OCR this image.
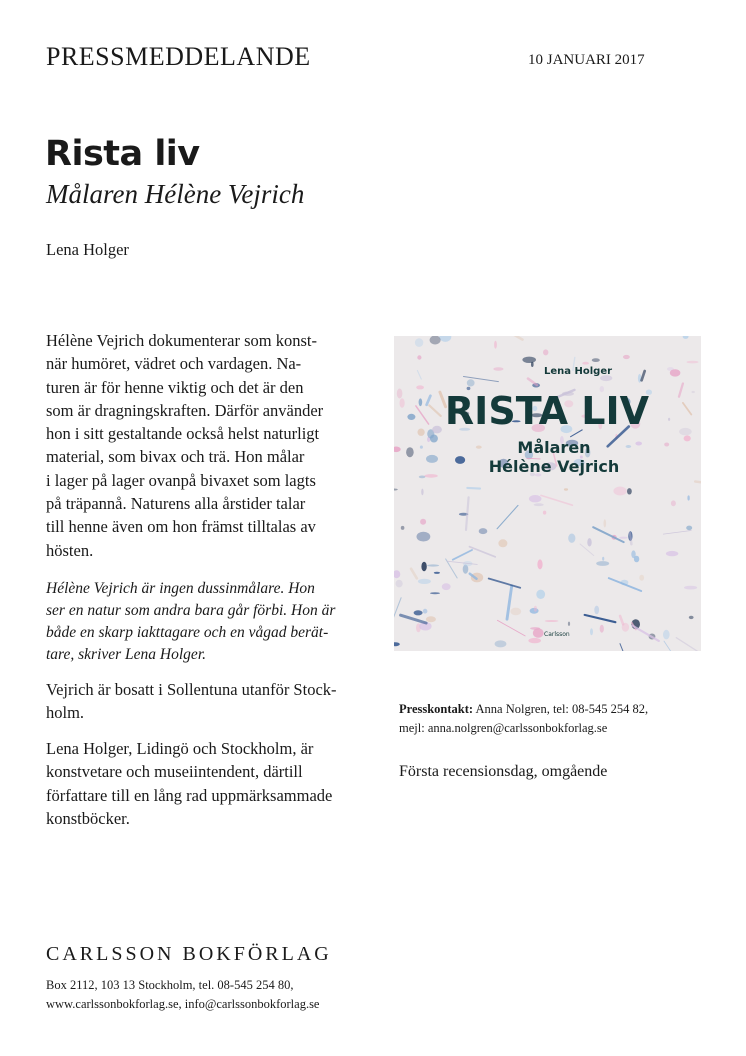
PRESSMEDDELANDE	10 JANUARI 2017
Rista liv
Målaren Hélène Vejrich
Lena Holger

Hélène Vejrich dokumenterar som konst-

när humöret, vädret och vardagen. Na-

turen är för henne viktig och det är den

som är dragningskraften. Därför använder

hon i sitt gestaltande också helst naturligt

material, som bivax och trä. Hon målar

i lager på lager ovanpå bivaxet som lagts

på träpannå. Naturens alla årstider talar

till henne även om hon främst tilltalas av

hösten.

Hélène Vejrich är ingen dussinmålare. Hon

ser en natur som andra bara går förbi. Hon är

både en skarp iakttagare och en vågad berät-

tare, skriver Lena Holger.

Vejrich är bosatt i Sollentuna utanför Stock-

holm.

Lena Holger, Lidingö och Stockholm, är

konstvetare och museiintendent, därtill

författare till en lång rad uppmärksammade

konstböcker.

Lena Holger
RISTA LIV
Målaren
Hélène Vejrich
Carlsson
Presskontakt: Anna Nolgren, tel: 08-545 254 82,
mejl: anna.nolgren@carlssonbokforlag.se
Första recensionsdag, omgående
CARLSSON BOKFÖRLAG
Box 2112, 103 13 Stockholm, tel. 08-545 254 80,
www.carlssonbokforlag.se, info@carlssonbokforlag.se
